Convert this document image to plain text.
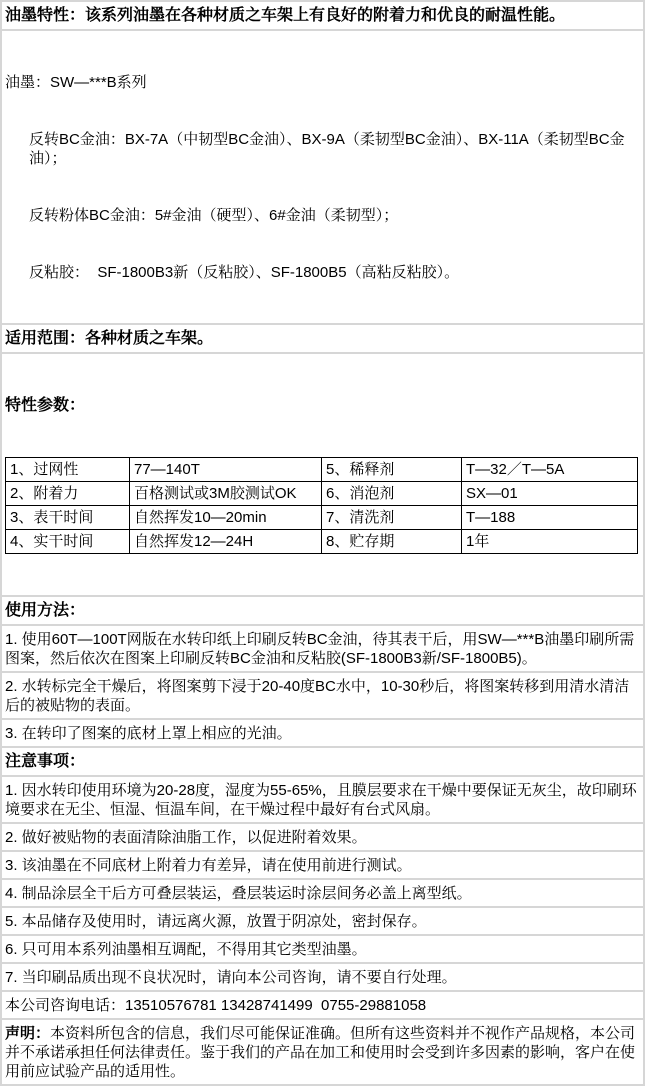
油墨特性：该系列油墨在各种材质之车架上有良好的附着力和优良的耐温性能。

油墨：SW—***B系列

反转BC金油：BX-7A（中韧型BC金油）、BX-9A（柔韧型BC金油）、BX-11A（柔韧型BC金油）；

反转粉体BC金油：5#金油（硬型）、6#金油（柔韧型）；

反粘胶：  SF-1800B3新（反粘胶）、SF-1800B5（高粘反粘胶）。

适用范围：各种材质之车架。

特性参数：

1、过网性	77—140T	5、稀释剂	T—32／T—5A
2、附着力	百格测试或3M胶测试OK	6、消泡剂	SX—01
3、表干时间	自然挥发10—20min	7、清洗剂	T—188
4、实干时间	自然挥发12—24H	8、贮存期	1年

使用方法：
1. 使用60T—100T网版在水转印纸上印刷反转BC金油，待其表干后，用SW—***B油墨印刷所需图案，然后依次在图案上印刷反转BC金油和反粘胶(SF-1800B3新/SF-1800B5)。
2. 水转标完全干燥后，将图案剪下浸于20-40度BC水中，10-30秒后，将图案转移到用清水清洁后的被贴物的表面。
3. 在转印了图案的底材上罩上相应的光油。
注意事项：
1. 因水转印使用环境为20-28度，湿度为55-65%，且膜层要求在干燥中要保证无灰尘，故印刷环境要求在无尘、恒湿、恒温车间，在干燥过程中最好有台式风扇。
2. 做好被贴物的表面清除油脂工作，以促进附着效果。
3. 该油墨在不同底材上附着力有差异，请在使用前进行测试。
4. 制品涂层全干后方可叠层装运，叠层装运时涂层间务必盖上离型纸。
5. 本品储存及使用时，请远离火源，放置于阴凉处，密封保存。
6. 只可用本系列油墨相互调配，不得用其它类型油墨。
7. 当印刷品质出现不良状况时，请向本公司咨询，请不要自行处理。
本公司咨询电话：13510576781 13428741499  0755-29881058
声明：本资料所包含的信息，我们尽可能保证准确。但所有这些资料并不视作产品规格，本公司并不承诺承担任何法律责任。鉴于我们的产品在加工和使用时会受到许多因素的影响，客户在使用前应试验产品的适用性。
